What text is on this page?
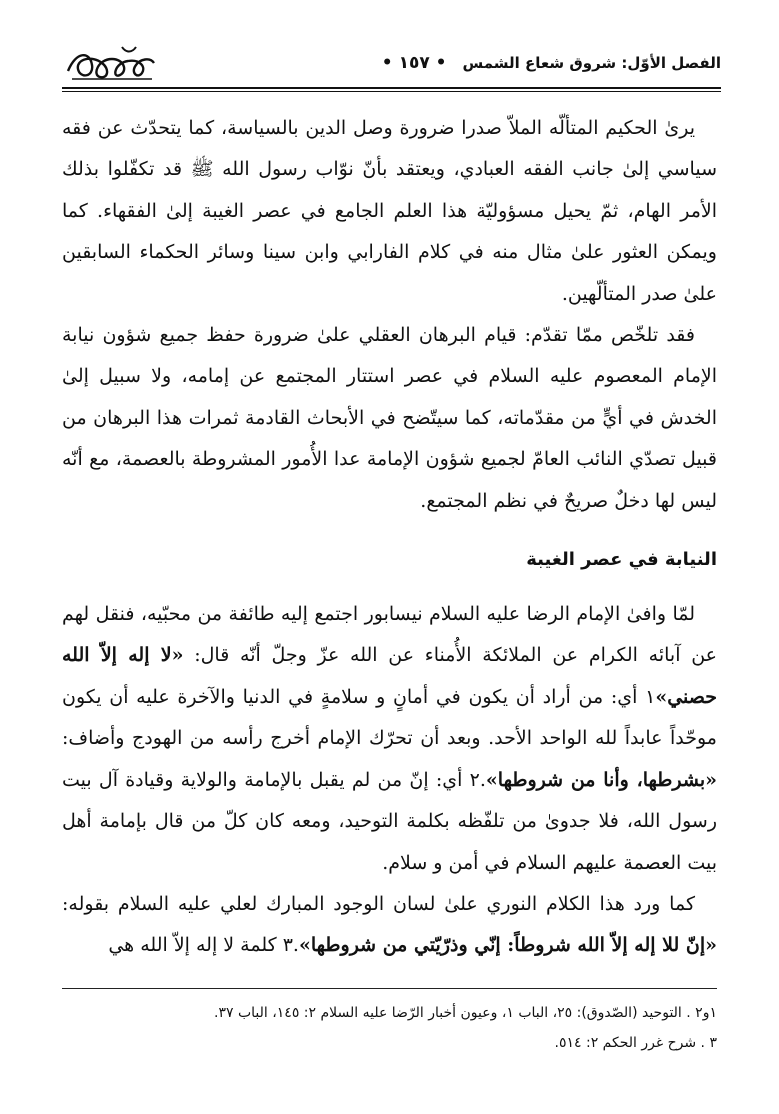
الفصل الأوّل: شروق شعاع الشمس
• ١٥٧ •

يرىٰ الحكيم المتألّه الملاّ صدرا ضرورة وصل الدين بالسياسة، كما يتحدّث عن فقه سياسي إلىٰ جانب الفقه العبادي، ويعتقد بأنّ نوّاب رسول الله ﷺ قد تكفّلوا بذلك الأمر الهام، ثمّ يحيل مسؤوليّة هذا العلم الجامع في عصر الغيبة إلىٰ الفقهاء. كما ويمكن العثور علىٰ مثال منه في كلام الفارابي وابن سينا وسائر الحكماء السابقين علىٰ صدر المتألّهين.

فقد تلخّص ممّا تقدّم: قيام البرهان العقلي علىٰ ضرورة حفظ جميع شؤون نيابة الإمام المعصوم عليه السلام في عصر استتار المجتمع عن إمامه، ولا سبيل إلىٰ الخدش في أيٍّ من مقدّماته، كما سيتّضح في الأبحاث القادمة ثمرات هذا البرهان من قبيل تصدّي النائب العامّ لجميع شؤون الإمامة عدا الأُمور المشروطة بالعصمة، مع أنّه ليس لها دخلٌ صريحٌ في نظم المجتمع.

النيابة في عصر الغيبة

لمّا وافىٰ الإمام الرضا عليه السلام نيسابور اجتمع إليه طائفة من محبّيه، فنقل لهم عن آبائه الكرام عن الملائكة الأُمناء عن الله عزّ وجلّ أنّه قال: «لا إله إلاّ الله حصني»١ أي: من أراد أن يكون في أمانٍ و سلامةٍ في الدنيا والآخرة عليه أن يكون موحّداً عابداً لله الواحد الأحد. وبعد أن تحرّك الإمام أخرج رأسه من الهودج وأضاف: «بشرطها، وأنا من شروطها».٢ أي: إنّ من لم يقبل بالإمامة والولاية وقيادة آل بيت رسول الله، فلا جدوىٰ من تلفّظه بكلمة التوحيد، ومعه كان كلّ من قال بإمامة أهل بيت العصمة عليهم السلام في أمن و سلام.

كما ورد هذا الكلام النوري علىٰ لسان الوجود المبارك لعلي عليه السلام بقوله: «إنّ للا إله إلاّ الله شروطاً: إنّي وذرّيّتي من شروطها».٣ كلمة لا إله إلاّ الله هي

١و٢ . التوحيد (الصّدوق): ٢٥، الباب ١، وعيون أخبار الرّضا عليه السلام ٢: ١٤٥، الباب ٣٧.
٣ . شرح غرر الحكم ٢: ٥١٤.
